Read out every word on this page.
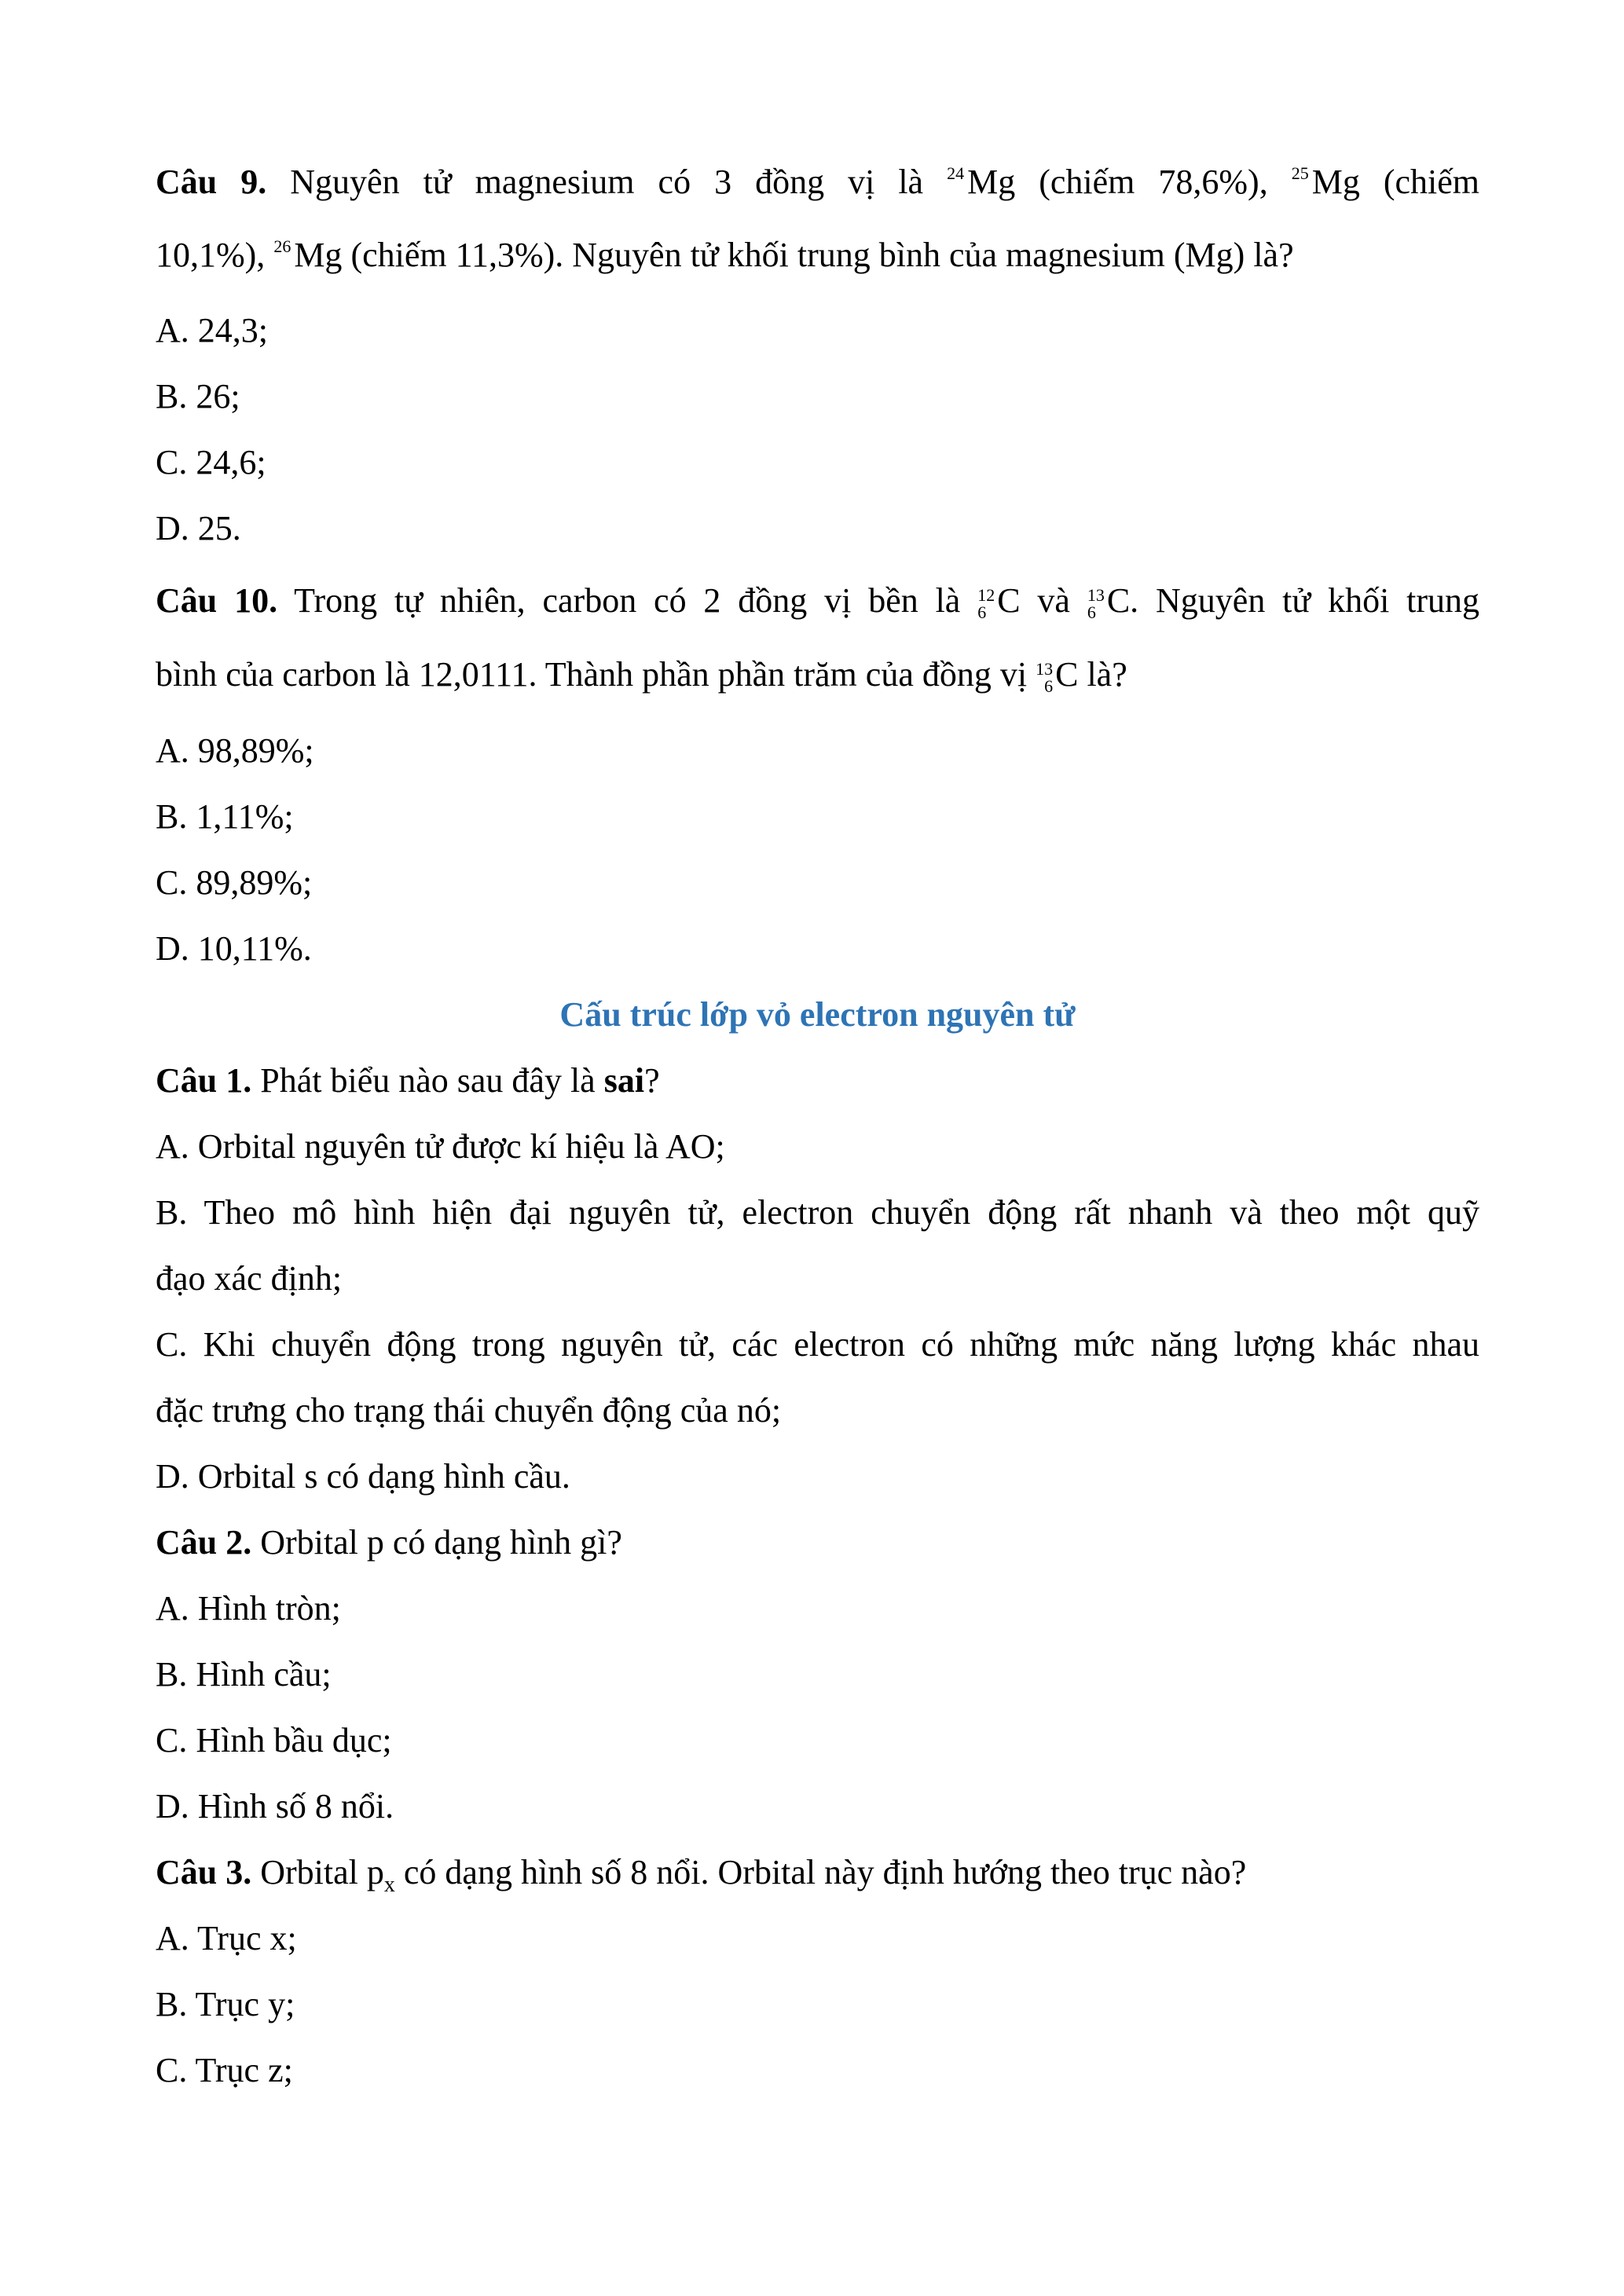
Câu 9. Nguyên tử magnesium có 3 đồng vị là $^{24}$Mg (chiếm 78,6%), $^{25}$Mg (chiếm
10,1%), $^{26}$Mg (chiếm 11,3%). Nguyên tử khối trung bình của magnesium (Mg) là?
A. 24,3;
B. 26;
C. 24,6;
D. 25.
Câu 10. Trong tự nhiên, carbon có 2 đồng vị bền là 12
6 C và 13
6 C. Nguyên tử khối trung
bình của carbon là 12,0111. Thành phần phần trăm của đồng vị 13
6 C là?
A. 98,89%;
B. 1,11%;
C. 89,89%;
D. 10,11%.
Cấu trúc lớp vỏ electron nguyên tử
Câu 1. Phát biểu nào sau đây là sai?
A. Orbital nguyên tử được kí hiệu là AO;
B. Theo mô hình hiện đại nguyên tử, electron chuyển động rất nhanh và theo một quỹ
đạo xác định;
C. Khi chuyển động trong nguyên tử, các electron có những mức năng lượng khác nhau
đặc trưng cho trạng thái chuyển động của nó;
D. Orbital s có dạng hình cầu.
Câu 2. Orbital p có dạng hình gì?
A. Hình tròn;
B. Hình cầu;
C. Hình bầu dục;
D. Hình số 8 nổi.
Câu 3. Orbital $p_x$ có dạng hình số 8 nổi. Orbital này định hướng theo trục nào?
A. Trục x;
B. Trục y;
C. Trục z;
